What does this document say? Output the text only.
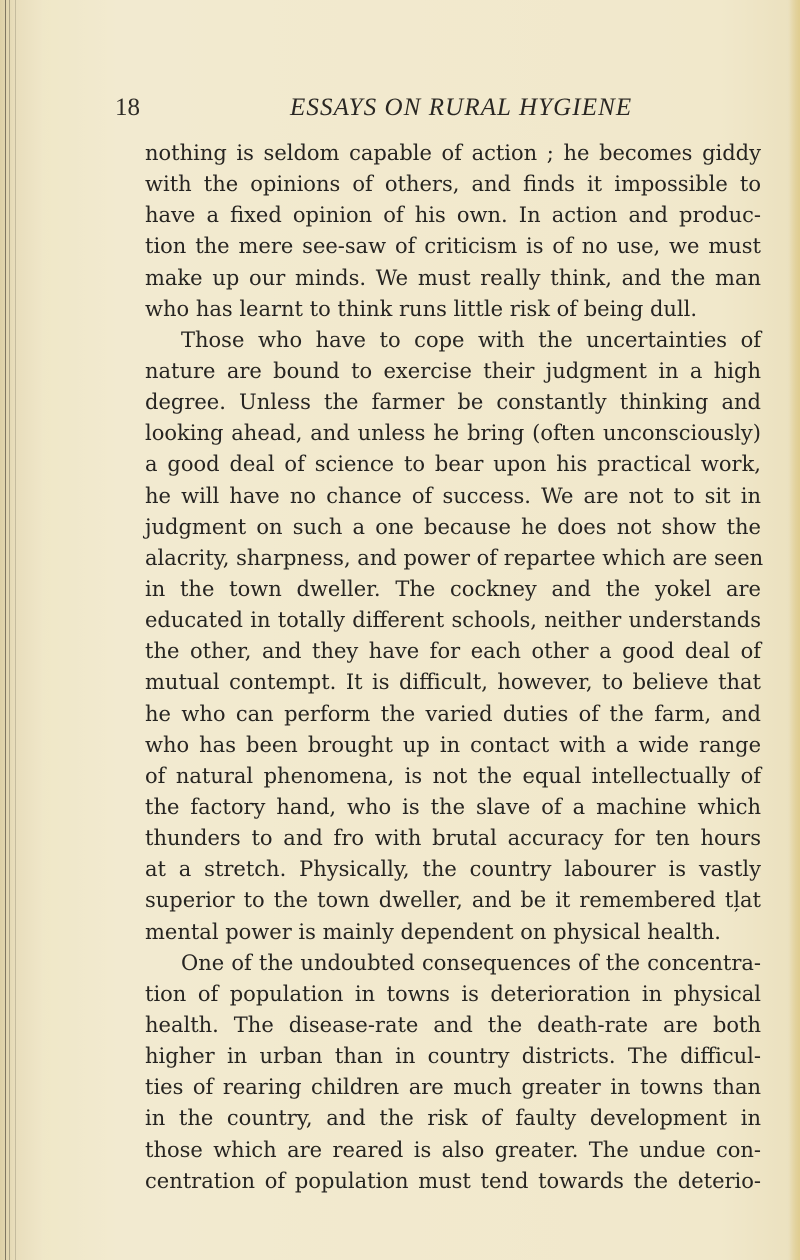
18	ESSAYS ON RURAL HYGIENE
nothing is seldom capable of action ; he becomes giddy
with the opinions of others, and finds it impossible to
have a fixed opinion of his own. In action and produc-
tion the mere see-saw of criticism is of no use, we must
make up our minds. We must really think, and the man
who has learnt to think runs little risk of being dull.
Those who have to cope with the uncertainties of
nature are bound to exercise their judgment in a high
degree. Unless the farmer be constantly thinking and
looking ahead, and unless he bring (often unconsciously)
a good deal of science to bear upon his practical work,
he will have no chance of success. We are not to sit in
judgment on such a one because he does not show the
alacrity, sharpness, and power of repartee which are seen
in the town dweller. The cockney and the yokel are
educated in totally different schools, neither understands
the other, and they have for each other a good deal of
mutual contempt. It is difficult, however, to believe that
he who can perform the varied duties of the farm, and
who has been brought up in contact with a wide range
of natural phenomena, is not the equal intellectually of
the factory hand, who is the slave of a machine which
thunders to and fro with brutal accuracy for ten hours
at a stretch. Physically, the country labourer is vastly
superior to the town dweller, and be it remembered tl̦at
mental power is mainly dependent on physical health.
One of the undoubted consequences of the concentra-
tion of population in towns is deterioration in physical
health. The disease-rate and the death-rate are both
higher in urban than in country districts. The difficul-
ties of rearing children are much greater in towns than
in the country, and the risk of faulty development in
those which are reared is also greater. The undue con-
centration of population must tend towards the deterio-
